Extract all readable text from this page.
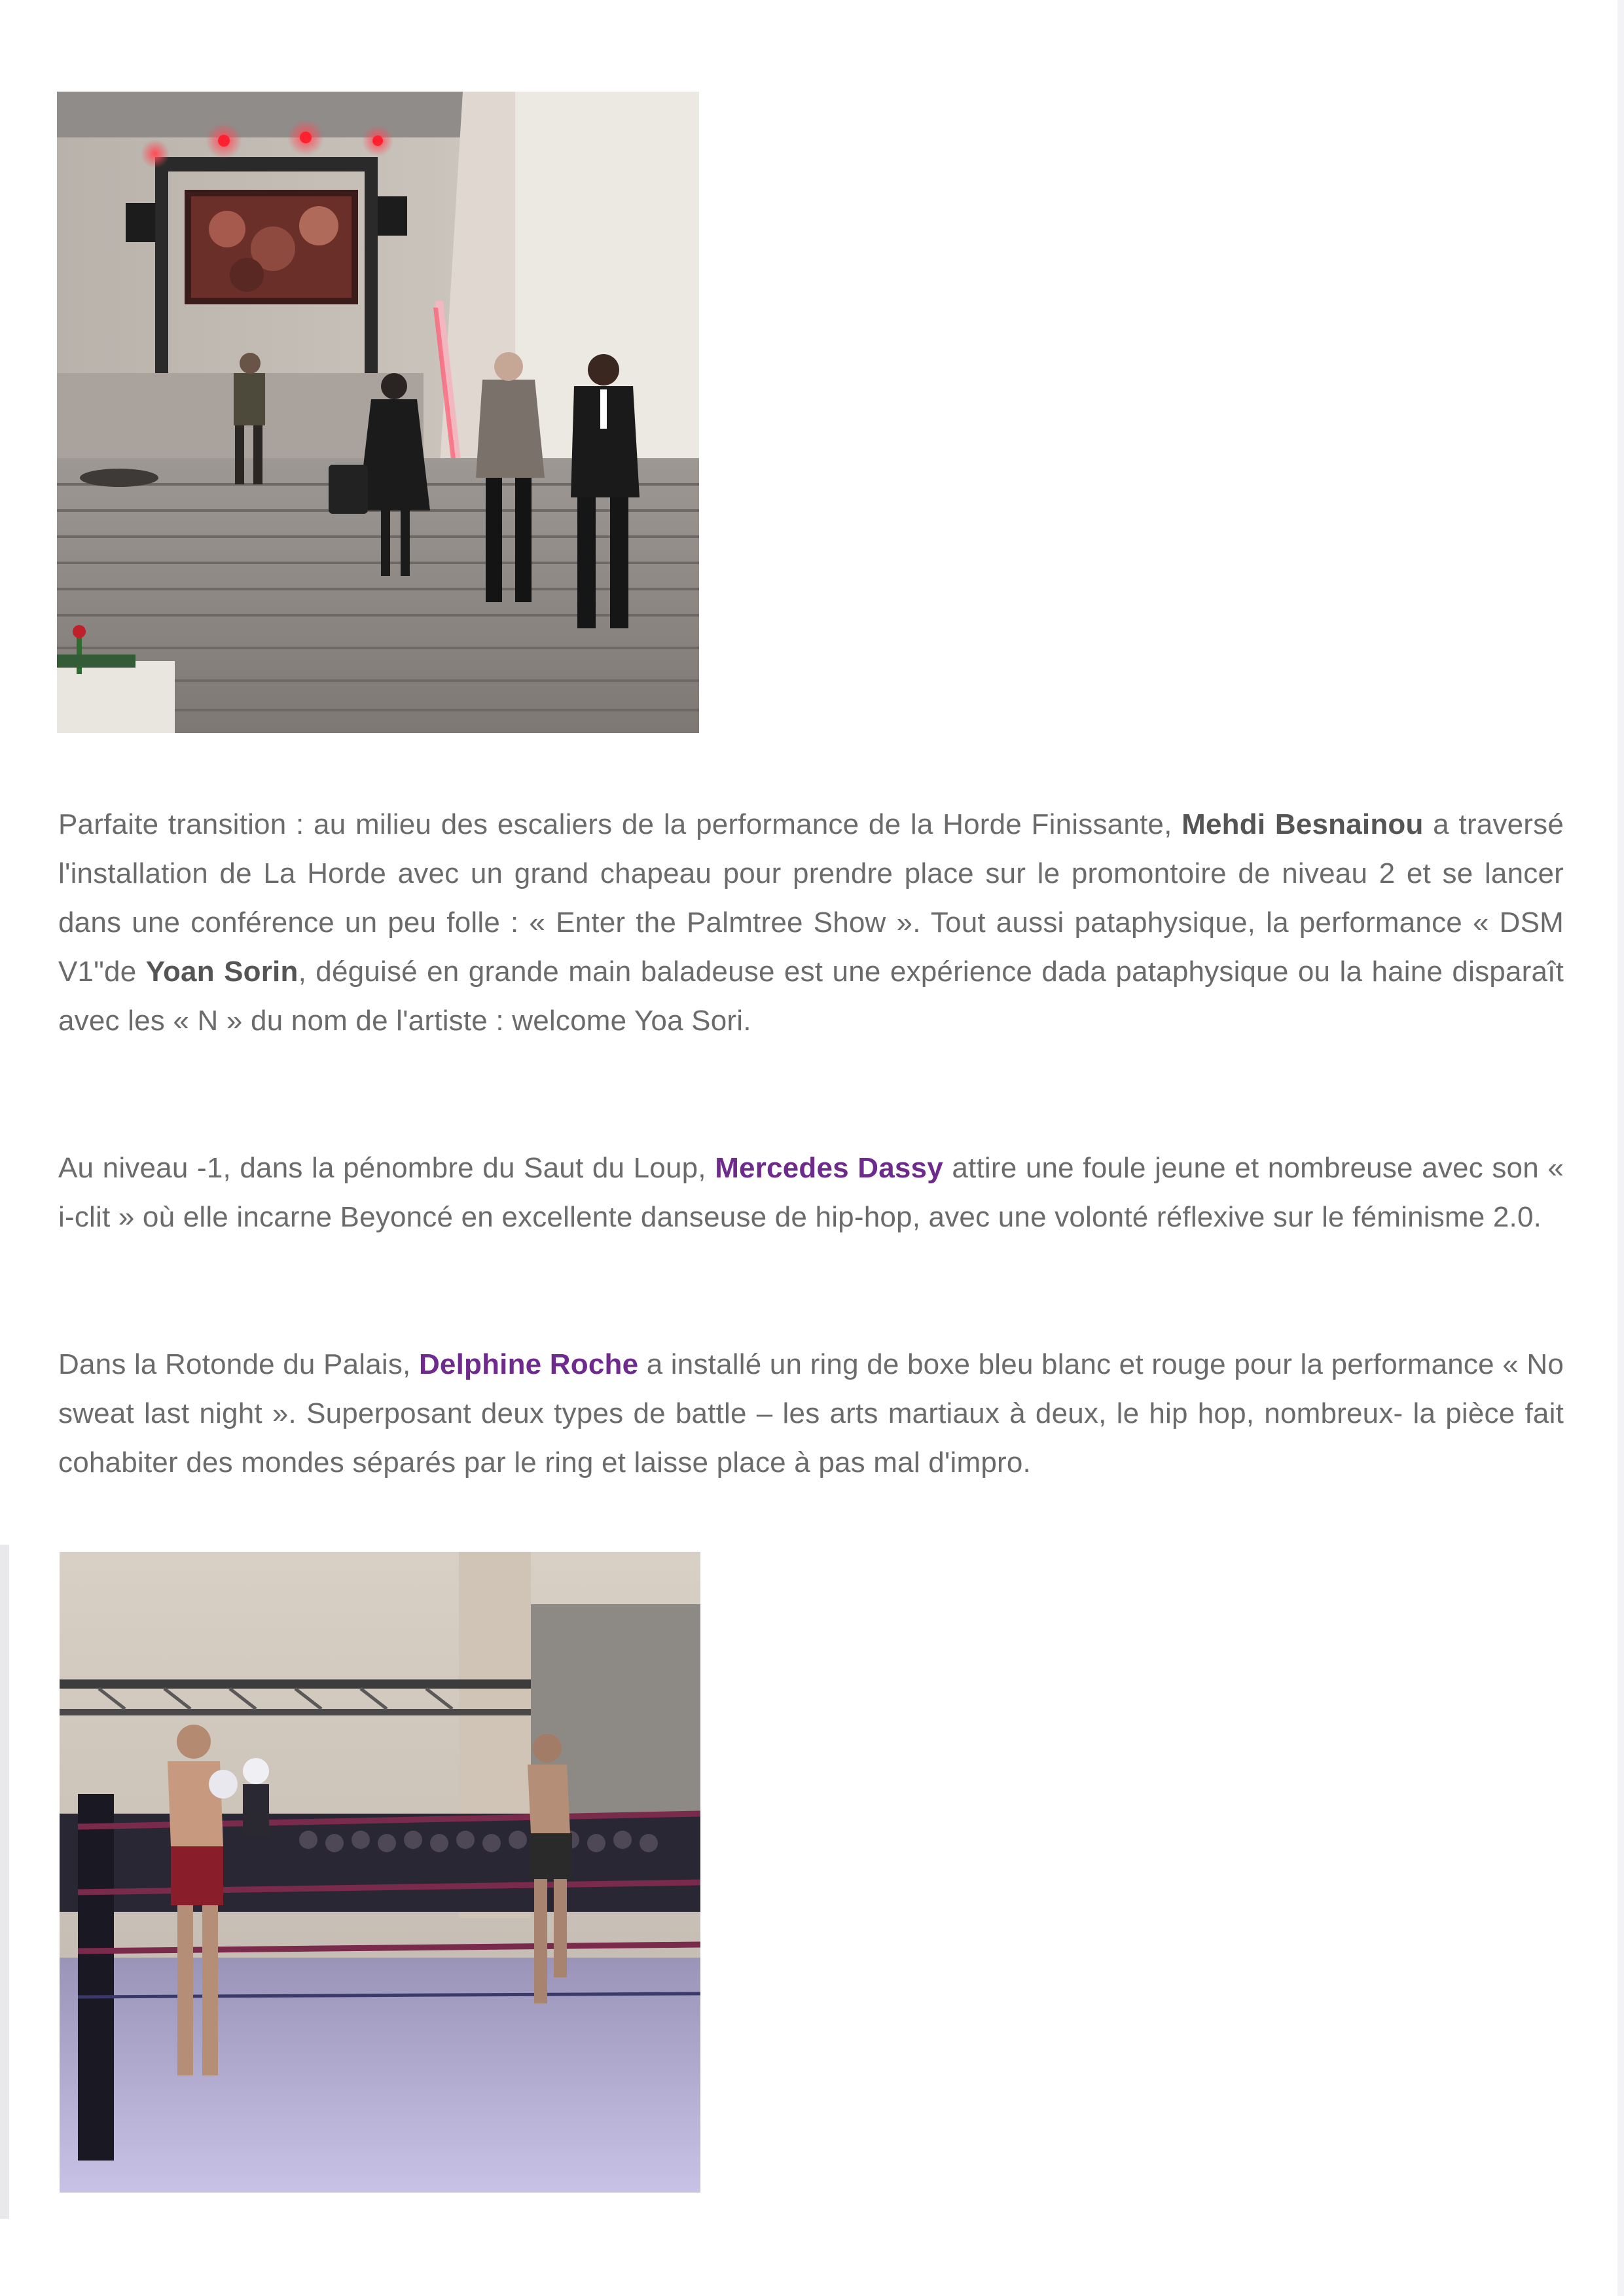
Parfaite transition : au milieu des escaliers de la performance de la Horde Finissante, Mehdi Besnainou a traversé l'installation de La Horde avec un grand chapeau pour prendre place sur le promontoire de niveau 2 et se lancer dans une conférence un peu folle : « Enter the Palmtree Show ». Tout aussi pataphysique, la performance « DSM V1"de Yoan Sorin, déguisé en grande main baladeuse est une expérience dada pataphysique ou la haine disparaît avec les « N » du nom de l'artiste : welcome Yoa Sori.

Au niveau -1, dans la pénombre du Saut du Loup, Mercedes Dassy attire une foule jeune et nombreuse avec son « i-clit » où elle incarne Beyoncé en excellente danseuse de hip-hop, avec une volonté réflexive sur le féminisme 2.0.

Dans la Rotonde du Palais, Delphine Roche a installé un ring de boxe bleu blanc et rouge pour la performance « No sweat last night ». Superposant deux types de battle – les arts martiaux à deux, le hip hop, nombreux- la pièce fait cohabiter des mondes séparés par le ring et laisse place à pas mal d'impro.
